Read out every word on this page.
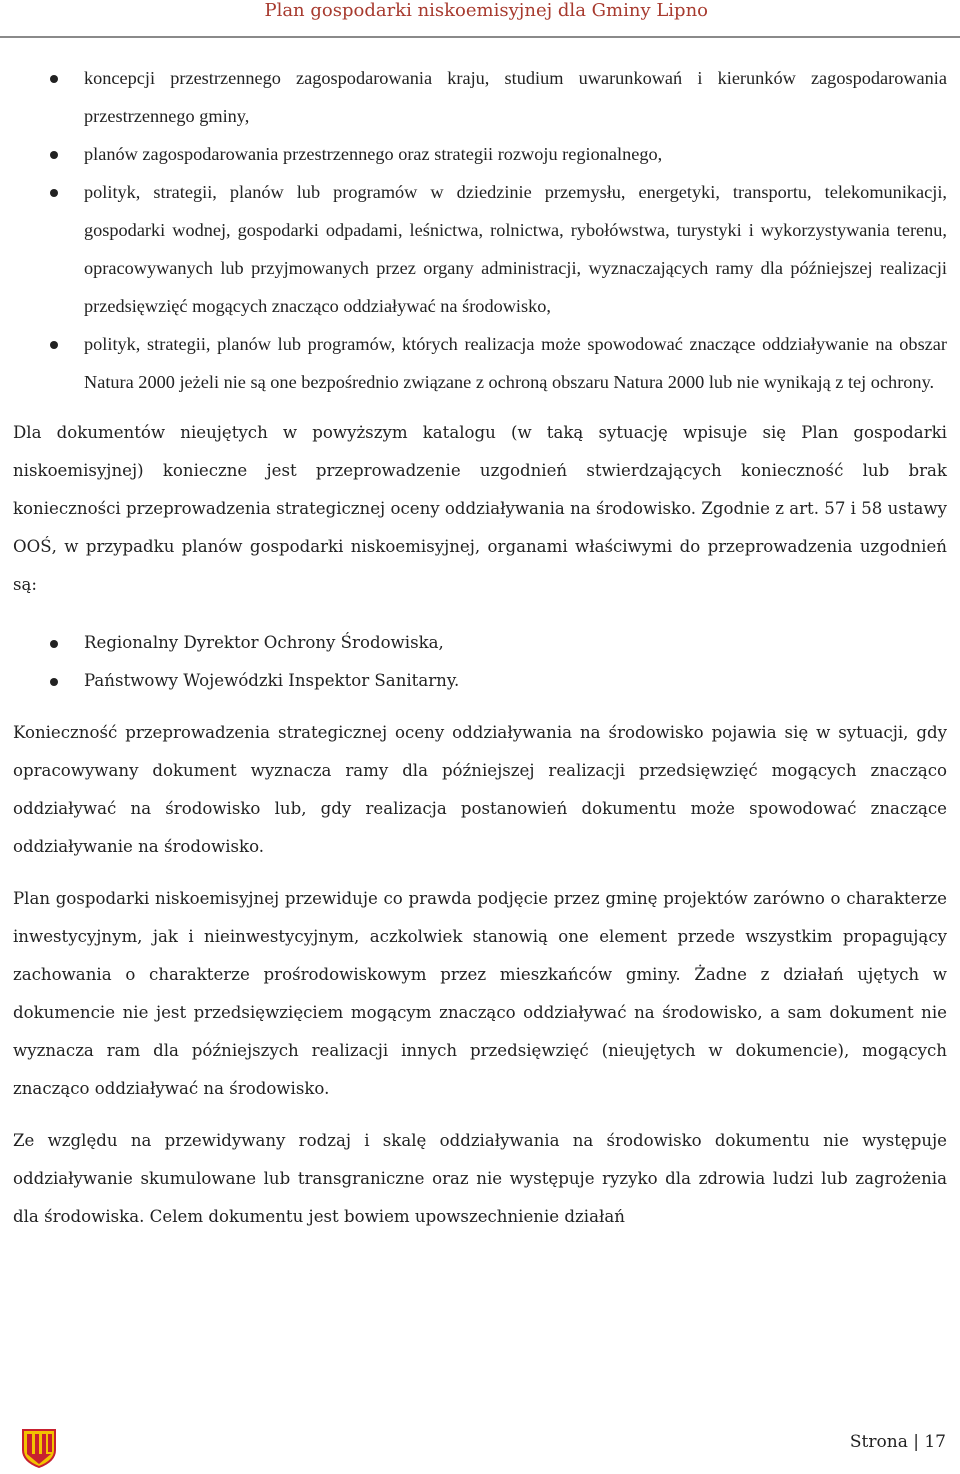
Plan gospodarki niskoemisyjnej dla Gminy Lipno
koncepcji przestrzennego zagospodarowania kraju, studium uwarunkowań i kierunków zagospodarowania przestrzennego gminy,
planów zagospodarowania przestrzennego oraz strategii rozwoju regionalnego,
polityk, strategii, planów lub programów w dziedzinie przemysłu, energetyki, transportu, telekomunikacji, gospodarki wodnej, gospodarki odpadami, leśnictwa, rolnictwa, rybołówstwa, turystyki i wykorzystywania terenu, opracowywanych lub przyjmowanych przez organy administracji, wyznaczających ramy dla późniejszej realizacji przedsięwzięć mogących znacząco oddziaływać na środowisko,
polityk, strategii, planów lub programów, których realizacja może spowodować znaczące oddziaływanie na obszar Natura 2000 jeżeli nie są one bezpośrednio związane z ochroną obszaru Natura 2000 lub nie wynikają z tej ochrony.

Dla dokumentów nieujętych w powyższym katalogu (w taką sytuację wpisuje się Plan gospodarki niskoemisyjnej) konieczne jest przeprowadzenie uzgodnień stwierdzających konieczność lub brak konieczności przeprowadzenia strategicznej oceny oddziaływania na środowisko. Zgodnie z art. 57 i 58 ustawy OOŚ, w przypadku planów gospodarki niskoemisyjnej, organami właściwymi do przeprowadzenia uzgodnień są:

Regionalny Dyrektor Ochrony Środowiska,
Państwowy Wojewódzki Inspektor Sanitarny.

Konieczność przeprowadzenia strategicznej oceny oddziaływania na środowisko pojawia się w sytuacji, gdy opracowywany dokument wyznacza ramy dla późniejszej realizacji przedsięwzięć mogących znacząco oddziaływać na środowisko lub, gdy realizacja postanowień dokumentu może spowodować znaczące oddziaływanie na środowisko.

Plan gospodarki niskoemisyjnej przewiduje co prawda podjęcie przez gminę projektów zarówno o charakterze inwestycyjnym, jak i nieinwestycyjnym, aczkolwiek stanowią one element przede wszystkim propagujący zachowania o charakterze prośrodowiskowym przez mieszkańców gminy. Żadne z działań ujętych w dokumencie nie jest przedsięwzięciem mogącym znacząco oddziaływać na środowisko, a sam dokument nie wyznacza ram dla późniejszych realizacji innych przedsięwzięć (nieujętych w dokumencie), mogących znacząco oddziaływać na środowisko.

Ze względu na przewidywany rodzaj i skalę oddziaływania na środowisko dokumentu nie występuje oddziaływanie skumulowane lub transgraniczne oraz nie występuje ryzyko dla zdrowia ludzi lub zagrożenia dla środowiska. Celem dokumentu jest bowiem upowszechnienie działań

Strona | 17
